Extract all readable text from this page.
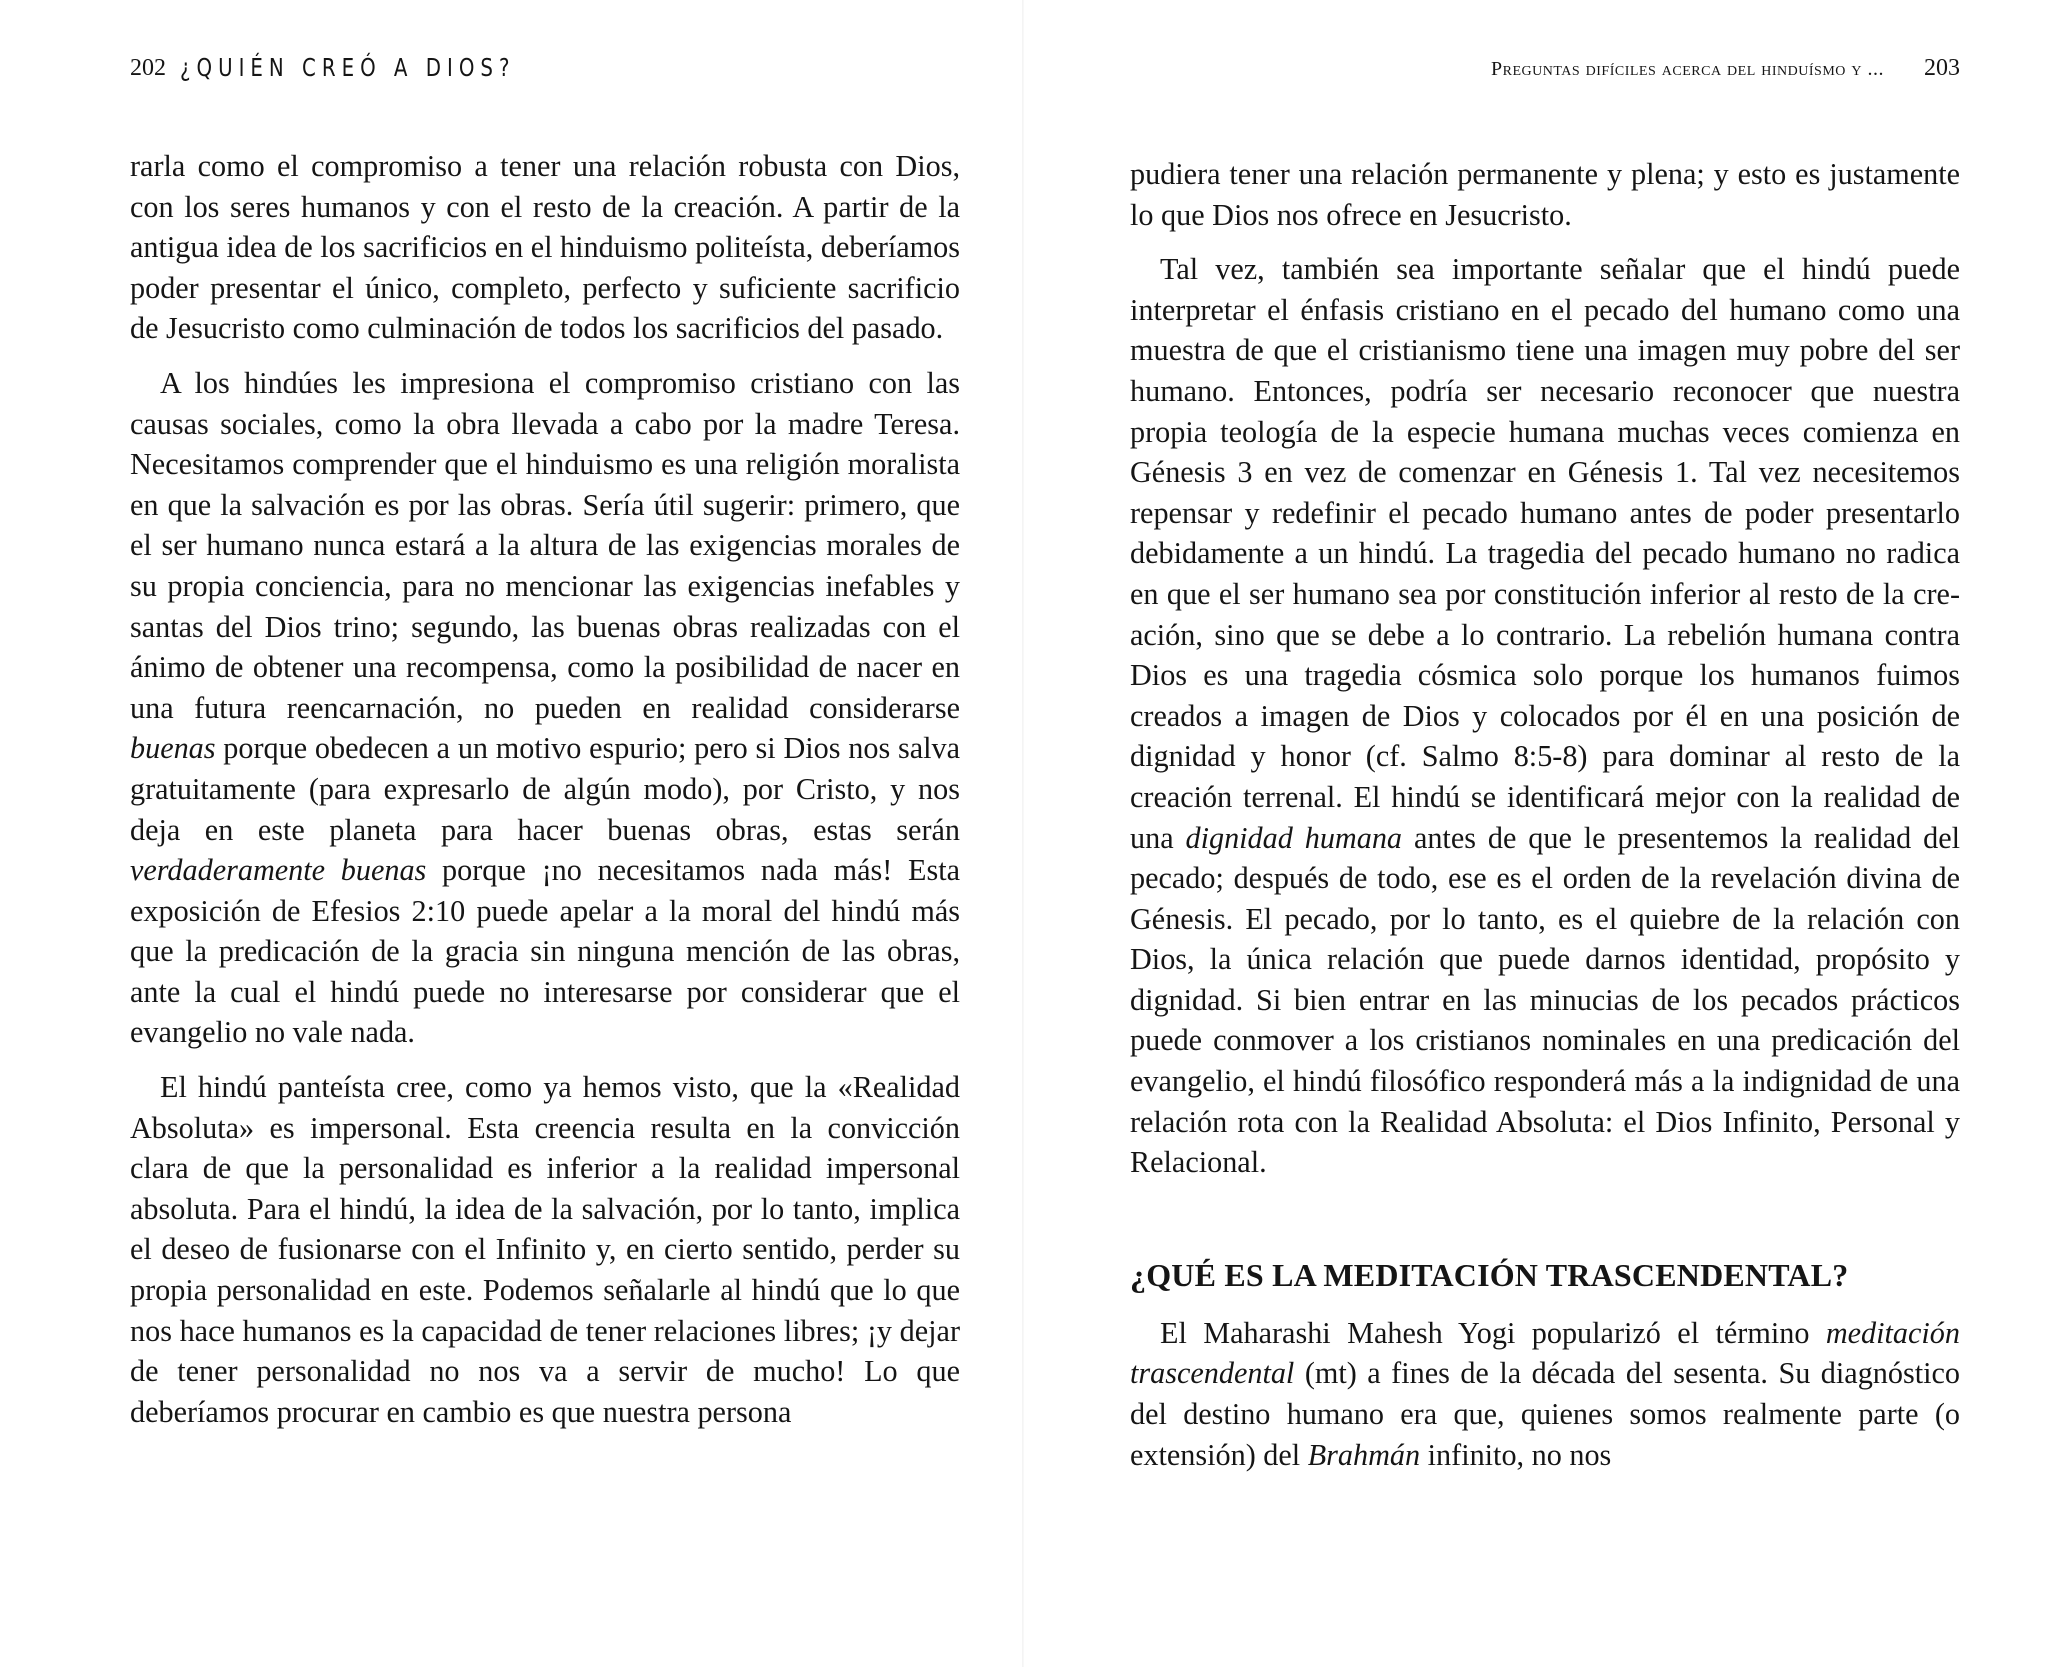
202 ¿QUIÉN CREÓ A DIOS?

rarla como el compromiso a tener una relación robusta con Dios, con los seres humanos y con el resto de la creación. A partir de la antigua idea de los sacrificios en el hinduismo politeísta, deberíamos poder presentar el único, completo, perfecto y suficiente sacrificio de Jesucristo como culminación de todos los sacrificios del pasado.

A los hindúes les impresiona el compromiso cristiano con las causas sociales, como la obra llevada a cabo por la madre Teresa. Necesitamos comprender que el hinduismo es una religión moralista en que la salvación es por las obras. Sería útil sugerir: primero, que el ser humano nunca estará a la altura de las exigencias morales de su propia conciencia, para no mencionar las exigencias inefables y santas del Dios trino; segundo, las buenas obras realizadas con el ánimo de obtener una recompensa, como la posibilidad de nacer en una futura reencarnación, no pueden en realidad considerarse buenas porque obedecen a un motivo espurio; pero si Dios nos salva gratuitamente (para expresarlo de algún modo), por Cristo, y nos deja en este planeta para hacer buenas obras, estas serán verdaderamente buenas porque ¡no necesitamos nada más! Esta exposición de Efesios 2:10 puede apelar a la moral del hindú más que la predicación de la gracia sin ninguna mención de las obras, ante la cual el hindú puede no interesarse por considerar que el evangelio no vale nada.

El hindú panteísta cree, como ya hemos visto, que la «Realidad Absoluta» es impersonal. Esta creencia resulta en la convicción clara de que la personalidad es inferior a la realidad impersonal absoluta. Para el hindú, la idea de la salvación, por lo tanto, implica el deseo de fusionarse con el Infinito y, en cierto sentido, perder su propia personalidad en este. Podemos señalarle al hindú que lo que nos hace humanos es la capacidad de tener relaciones libres; ¡y dejar de tener personalidad no nos va a servir de mucho! Lo que deberíamos procurar en cambio es que nuestra persona

Preguntas difíciles acerca del hinduísmo y ... 203

pudiera tener una relación permanente y plena; y esto es justamente lo que Dios nos ofrece en Jesucristo.

Tal vez, también sea importante señalar que el hindú puede interpretar el énfasis cristiano en el pecado del humano como una muestra de que el cristianismo tiene una imagen muy pobre del ser humano. Entonces, podría ser necesario reconocer que nuestra propia teología de la especie humana muchas veces comienza en Génesis 3 en vez de comenzar en Génesis 1. Tal vez necesitemos repensar y redefinir el pecado humano antes de poder presentarlo debidamente a un hindú. La tragedia del pecado humano no radica en que el ser humano sea por constitución inferior al resto de la creación, sino que se debe a lo contrario. La rebelión humana contra Dios es una tragedia cósmica solo porque los humanos fuimos creados a imagen de Dios y colocados por él en una posición de dignidad y honor (cf. Salmo 8:5-8) para dominar al resto de la creación terrenal. El hindú se identificará mejor con la realidad de una dignidad humana antes de que le presentemos la realidad del pecado; después de todo, ese es el orden de la revelación divina de Génesis. El pecado, por lo tanto, es el quiebre de la relación con Dios, la única relación que puede darnos identidad, propósito y dignidad. Si bien entrar en las minucias de los pecados prácticos puede conmover a los cristianos nominales en una predicación del evangelio, el hindú filosófico responderá más a la indignidad de una relación rota con la Realidad Absoluta: el Dios Infinito, Personal y Relacional.

¿QUÉ ES LA MEDITACIÓN TRASCENDENTAL?

El Maharashi Mahesh Yogi popularizó el término meditación trascendental (mt) a fines de la década del sesenta. Su diagnóstico del destino humano era que, quienes somos realmente parte (o extensión) del Brahmán infinito, no nos
